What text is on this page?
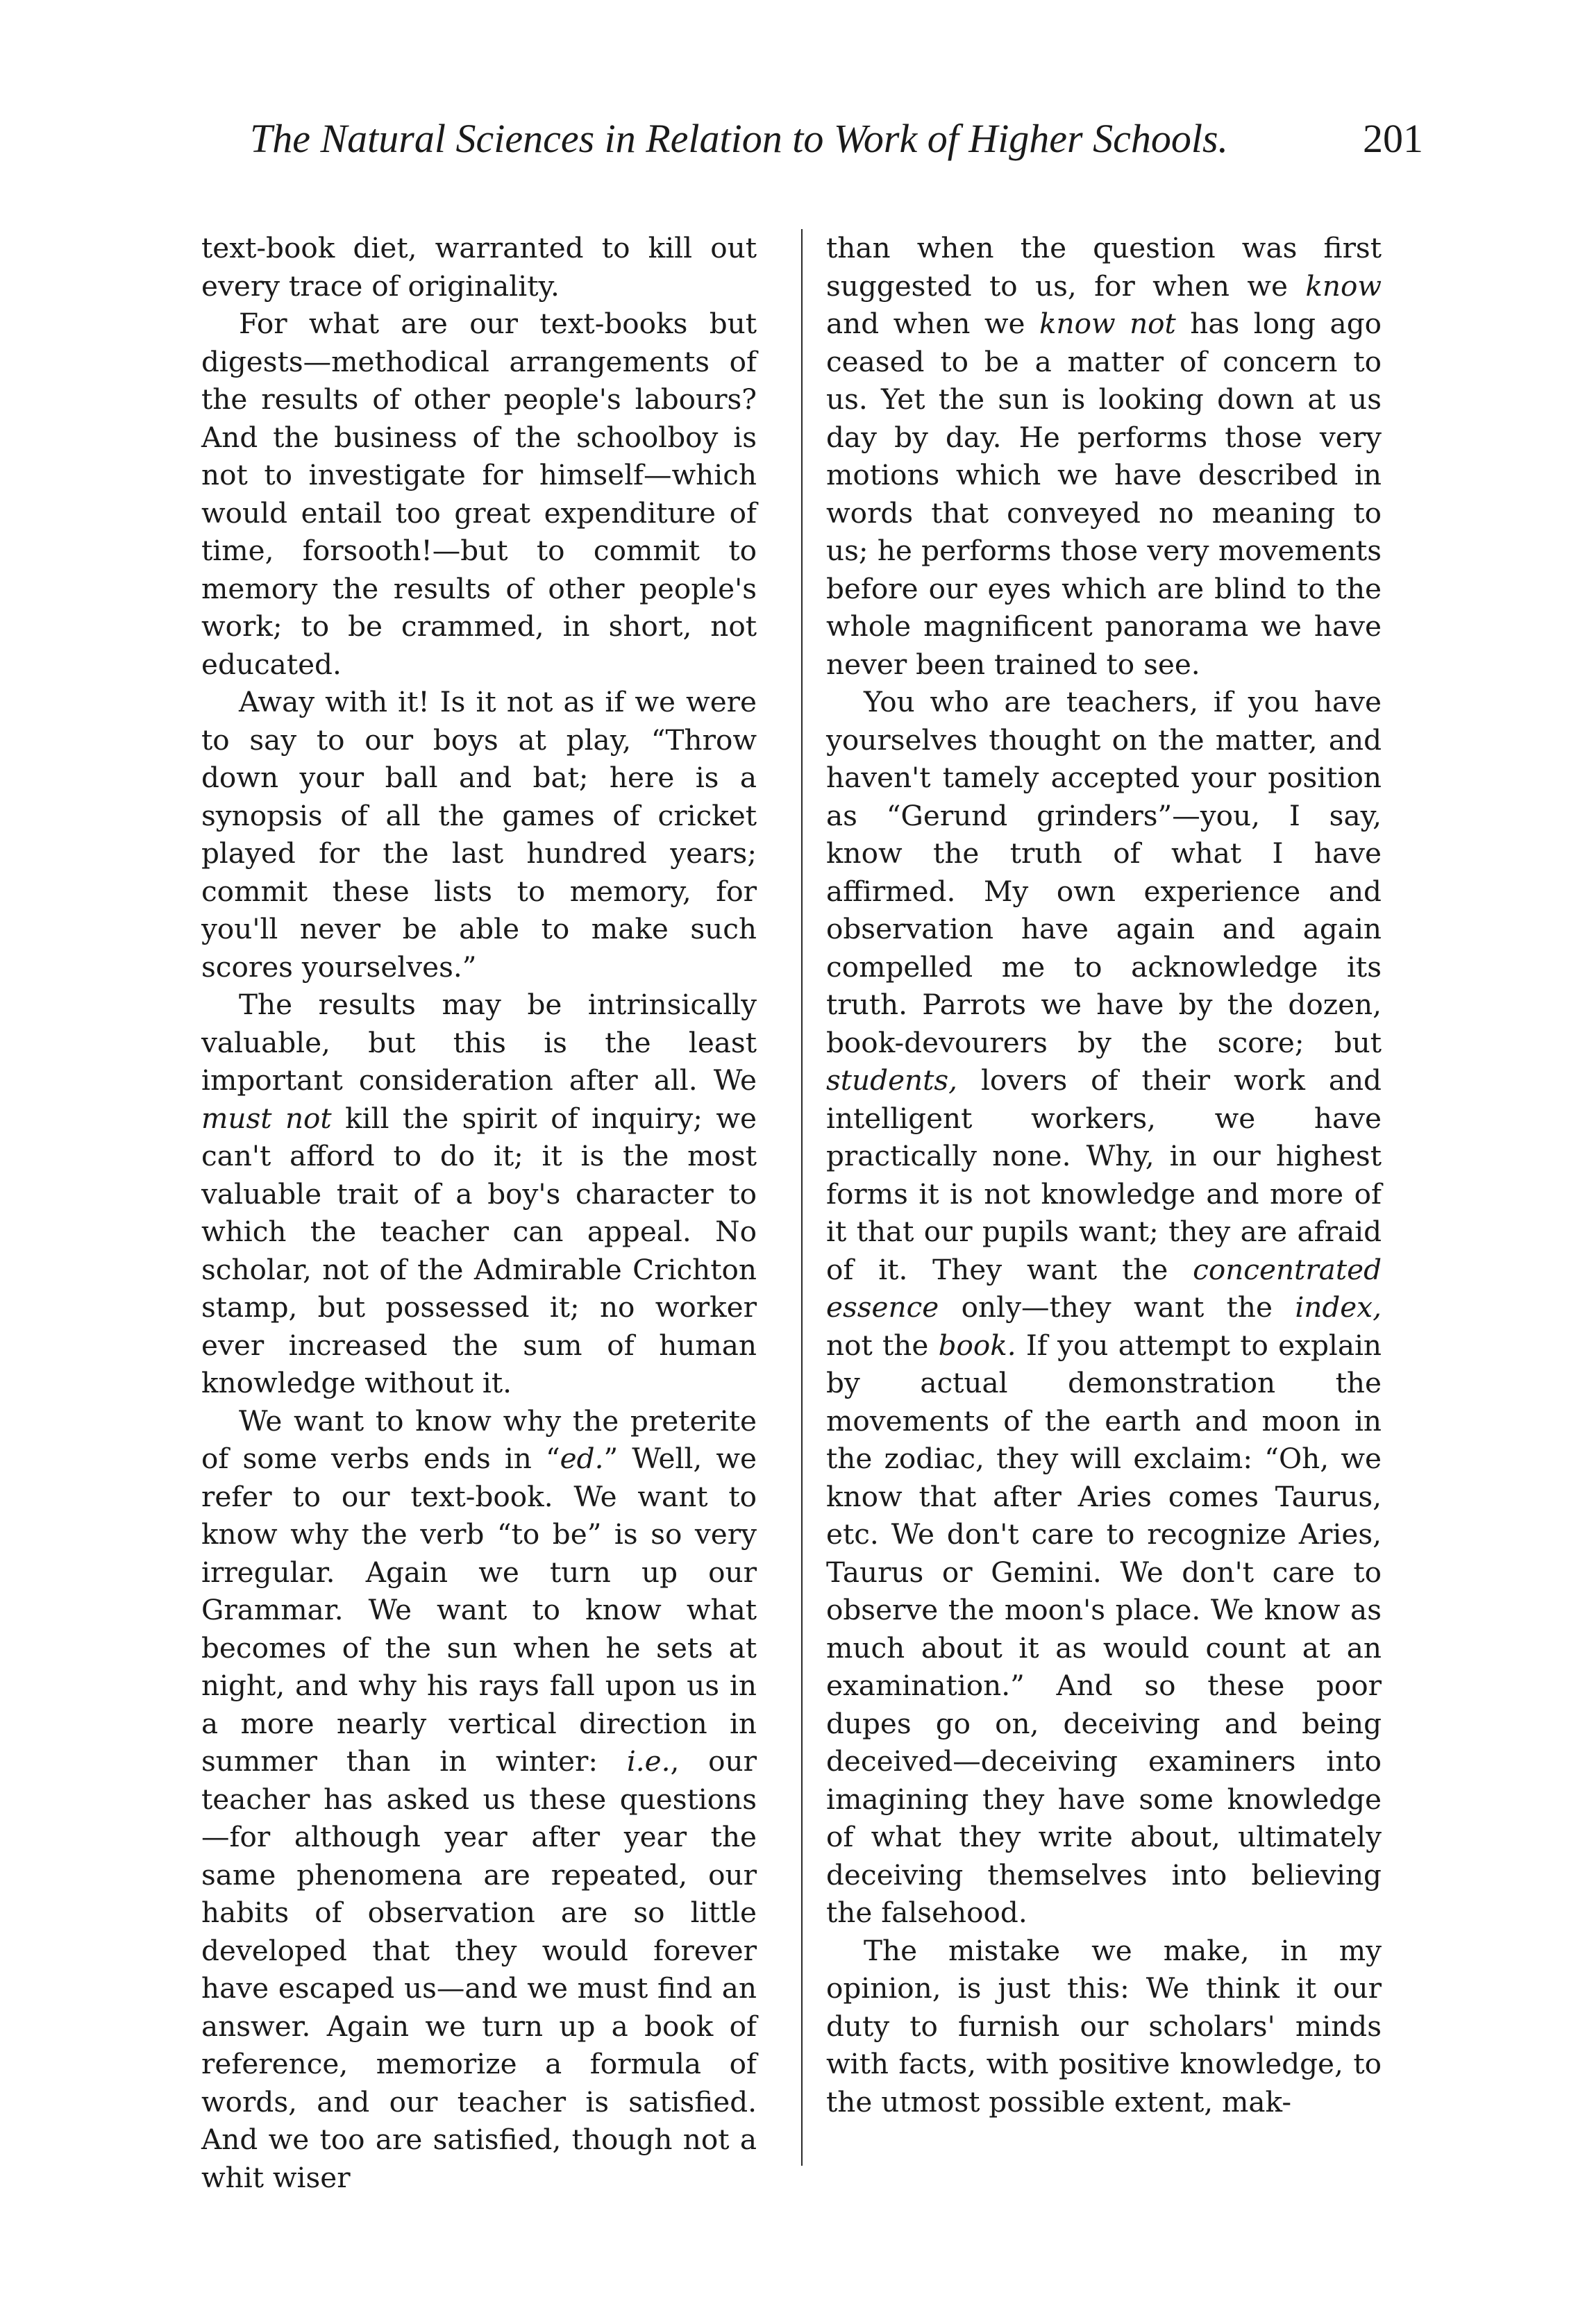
The Natural Sciences in Relation to Work of Higher Schools.	201

text-book diet, warranted to kill out every trace of originality.

For what are our text-books but digests—methodical arrangements of the results of other people's labours? And the business of the schoolboy is not to investigate for himself—which would entail too great expenditure of time, forsooth!—but to commit to memory the results of other people's work; to be crammed, in short, not educated.

Away with it! Is it not as if we were to say to our boys at play, “Throw down your ball and bat; here is a synopsis of all the games of cricket played for the last hundred years; commit these lists to memory, for you'll never be able to make such scores yourselves.”

The results may be intrinsically valuable, but this is the least important consideration after all. We must not kill the spirit of inquiry; we can't afford to do it; it is the most valuable trait of a boy's character to which the teacher can appeal. No scholar, not of the Admirable Crichton stamp, but possessed it; no worker ever increased the sum of human knowledge without it.

We want to know why the preterite of some verbs ends in “ed.” Well, we refer to our text-book. We want to know why the verb “to be” is so very irregular. Again we turn up our Grammar. We want to know what becomes of the sun when he sets at night, and why his rays fall upon us in a more nearly vertical direction in summer than in winter: i.e., our teacher has asked us these questions—for although year after year the same phenomena are repeated, our habits of observation are so little developed that they would forever have escaped us—and we must find an answer. Again we turn up a book of reference, memorize a formula of words, and our teacher is satisfied. And we too are satisfied, though not a whit wiser

than when the question was first suggested to us, for when we know and when we know not has long ago ceased to be a matter of concern to us. Yet the sun is looking down at us day by day. He performs those very motions which we have described in words that conveyed no meaning to us; he performs those very movements before our eyes which are blind to the whole magnificent panorama we have never been trained to see.

You who are teachers, if you have yourselves thought on the matter, and haven't tamely accepted your position as “Gerund grinders”—you, I say, know the truth of what I have affirmed. My own experience and observation have again and again compelled me to acknowledge its truth. Parrots we have by the dozen, book-devourers by the score; but students, lovers of their work and intelligent workers, we have practically none. Why, in our highest forms it is not knowledge and more of it that our pupils want; they are afraid of it. They want the concentrated essence only—they want the index, not the book. If you attempt to explain by actual demonstration the movements of the earth and moon in the zodiac, they will exclaim: “Oh, we know that after Aries comes Taurus, etc. We don't care to recognize Aries, Taurus or Gemini. We don't care to observe the moon's place. We know as much about it as would count at an examination.” And so these poor dupes go on, deceiving and being deceived—deceiving examiners into imagining they have some knowledge of what they write about, ultimately deceiving themselves into believing the falsehood.

The mistake we make, in my opinion, is just this: We think it our duty to furnish our scholars' minds with facts, with positive knowledge, to the utmost possible extent, mak-
